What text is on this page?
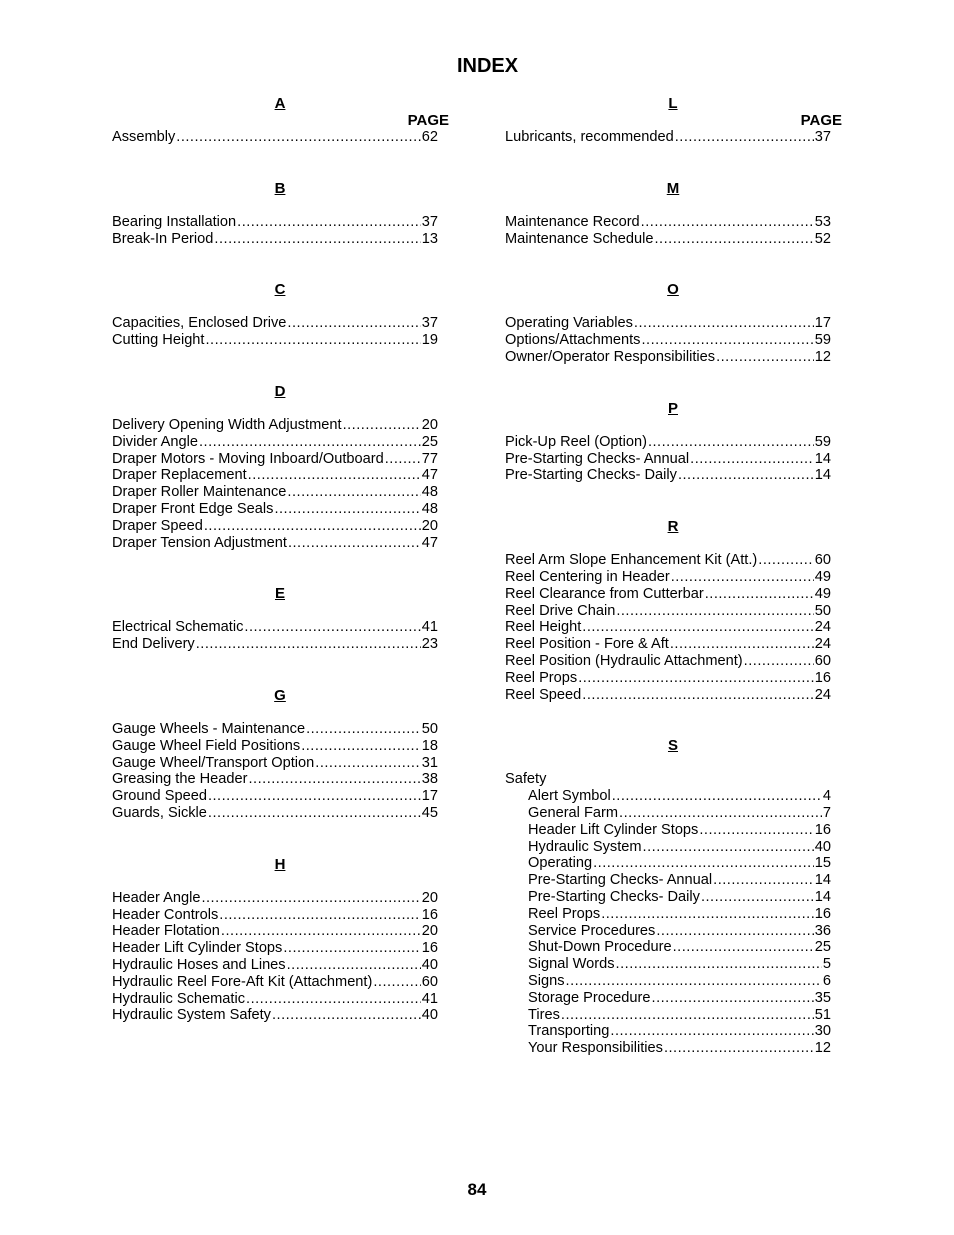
INDEX
A
PAGE
Assembly .....	62
B
Bearing Installation .....	37
Break-In Period .....	13
C
Capacities, Enclosed Drive .....	37
Cutting Height .....	19
D
Delivery Opening Width Adjustment .....	20
Divider Angle .....	25
Draper Motors - Moving Inboard/Outboard .....	77
Draper Replacement .....	47
Draper Roller Maintenance .....	48
Draper Front Edge Seals .....	48
Draper Speed .....	20
Draper Tension Adjustment .....	47
E
Electrical Schematic .....	41
End Delivery .....	23
G
Gauge Wheels - Maintenance .....	50
Gauge Wheel Field Positions .....	18
Gauge Wheel/Transport Option .....	31
Greasing the Header .....	38
Ground Speed .....	17
Guards, Sickle .....	45
H
Header Angle .....	20
Header Controls .....	16
Header Flotation .....	20
Header Lift Cylinder Stops .....	16
Hydraulic Hoses and Lines .....	40
Hydraulic Reel Fore-Aft Kit (Attachment) .....	60
Hydraulic Schematic .....	41
Hydraulic System Safety .....	40
L
PAGE
Lubricants, recommended .....	37
M
Maintenance Record .....	53
Maintenance Schedule .....	52
O
Operating Variables .....	17
Options/Attachments .....	59
Owner/Operator Responsibilities .....	12
P
Pick-Up Reel (Option) .....	59
Pre-Starting Checks- Annual .....	14
Pre-Starting Checks- Daily .....	14
R
Reel Arm Slope Enhancement Kit (Att.) .....	60
Reel Centering in Header .....	49
Reel Clearance from Cutterbar .....	49
Reel Drive Chain .....	50
Reel Height .....	24
Reel Position - Fore & Aft .....	24
Reel Position (Hydraulic Attachment) .....	60
Reel Props .....	16
Reel Speed .....	24
S
Safety
Alert Symbol .....	4
General Farm .....	7
Header Lift Cylinder Stops .....	16
Hydraulic System .....	40
Operating .....	15
Pre-Starting Checks- Annual .....	14
Pre-Starting Checks- Daily .....	14
Reel Props .....	16
Service Procedures .....	36
Shut-Down Procedure .....	25
Signal Words .....	5
Signs .....	6
Storage Procedure .....	35
Tires .....	51
Transporting .....	30
Your Responsibilities .....	12
84
